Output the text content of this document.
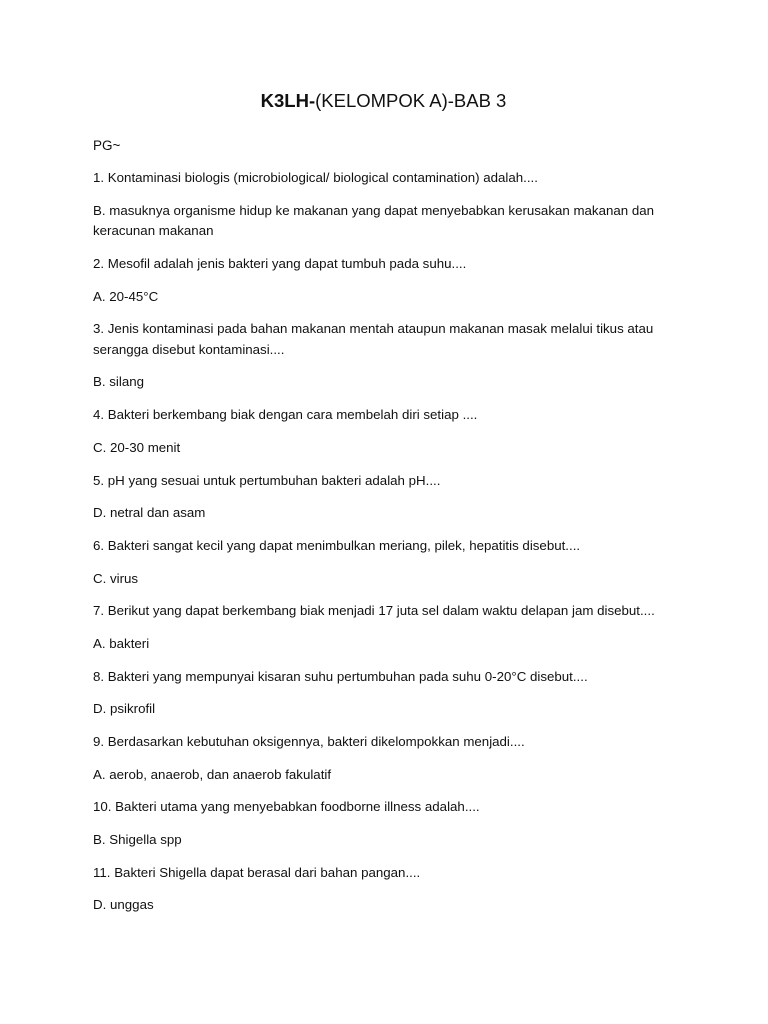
K3LH-(KELOMPOK A)-BAB 3

PG~

1. Kontaminasi biologis (microbiological/ biological contamination) adalah....

B. masuknya organisme hidup ke makanan yang dapat menyebabkan kerusakan makanan dan keracunan makanan

2. Mesofil adalah jenis bakteri yang dapat tumbuh pada suhu....

A. 20-45°C

3. Jenis kontaminasi pada bahan makanan mentah ataupun makanan masak melalui tikus atau serangga disebut kontaminasi....

B. silang

4. Bakteri berkembang biak dengan cara membelah diri setiap ....

C. 20-30 menit

5. pH yang sesuai untuk pertumbuhan bakteri adalah pH....

D. netral dan asam

6. Bakteri sangat kecil yang dapat menimbulkan meriang, pilek, hepatitis disebut....

C. virus

7. Berikut yang dapat berkembang biak menjadi 17 juta sel dalam waktu delapan jam disebut....

A. bakteri

8. Bakteri yang mempunyai kisaran suhu pertumbuhan pada suhu 0-20°C disebut....

D. psikrofil

9. Berdasarkan kebutuhan oksigennya, bakteri dikelompokkan menjadi....

A. aerob, anaerob, dan anaerob fakulatif

10. Bakteri utama yang menyebabkan foodborne illness adalah....

B. Shigella spp

11. Bakteri Shigella dapat berasal dari bahan pangan....

D. unggas
